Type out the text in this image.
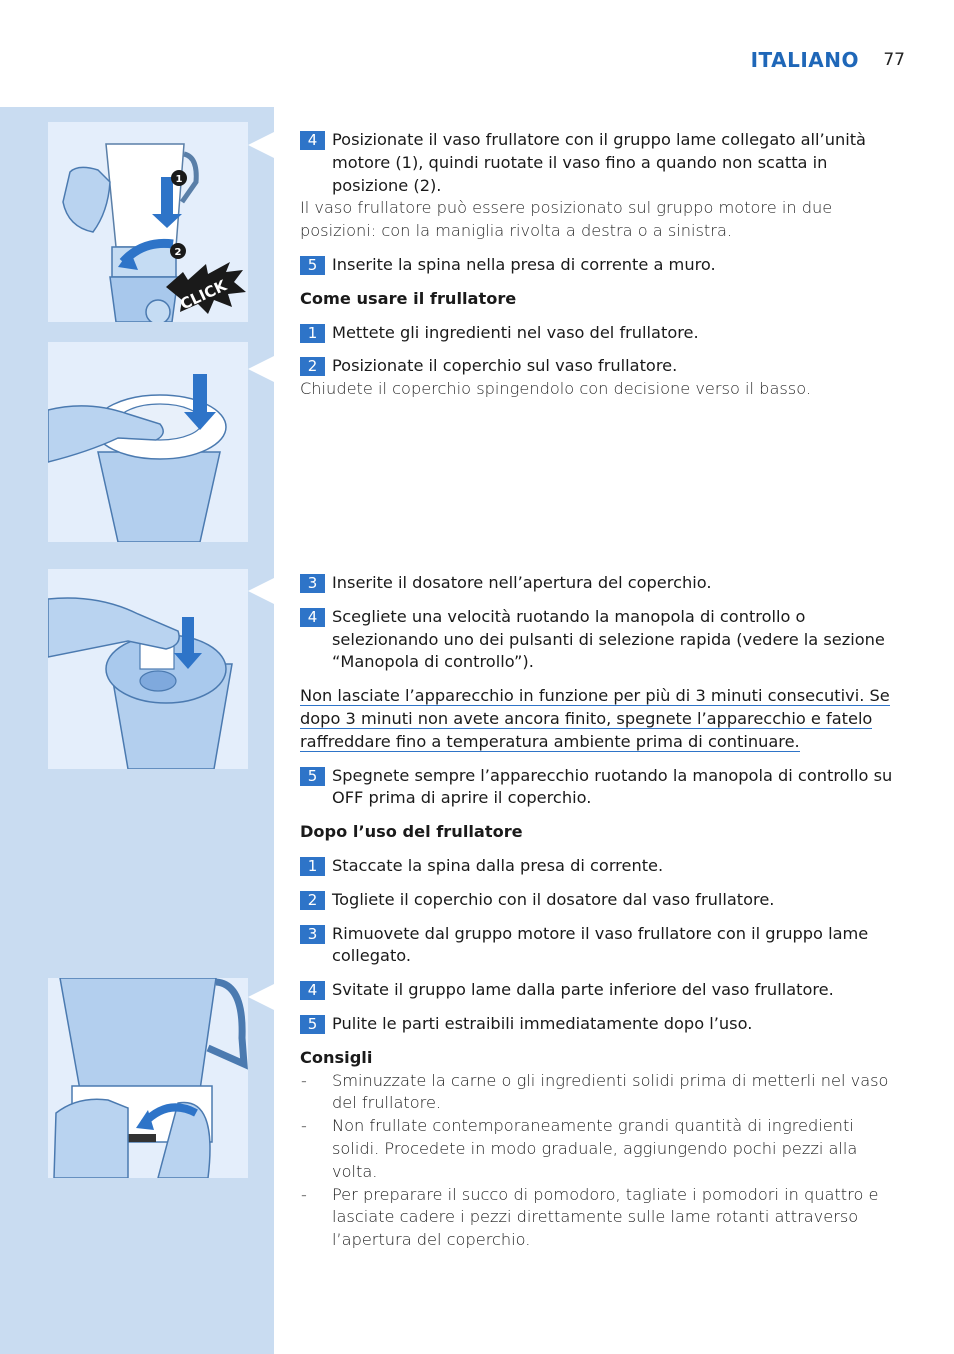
ITALIANO 77
1
2
CLICK
4 Posizionate il vaso frullatore con il gruppo lame collegato all’unità motore (1), quindi ruotate il vaso fino a quando non scatta in posizione (2).
Il vaso frullatore può essere posizionato sul gruppo motore in due posizioni: con la maniglia rivolta a destra o a sinistra.
5 Inserite la spina nella presa di corrente a muro.
Come usare il frullatore
1 Mettete gli ingredienti nel vaso del frullatore.
2 Posizionate il coperchio sul vaso frullatore.
Chiudete il coperchio spingendolo con decisione verso il basso.
3 Inserite il dosatore nell’apertura del coperchio.
4 Scegliete una velocità ruotando la manopola di controllo o selezionando uno dei pulsanti di selezione rapida (vedere la sezione “Manopola di controllo”).
Non lasciate l’apparecchio in funzione per più di 3 minuti consecutivi. Se dopo 3 minuti non avete ancora finito, spegnete l’apparecchio e fatelo raffreddare fino a temperatura ambiente prima di continuare.
5 Spegnete sempre l’apparecchio ruotando la manopola di controllo su OFF prima di aprire il coperchio.
Dopo l’uso del frullatore
1 Staccate la spina dalla presa di corrente.
2 Togliete il coperchio con il dosatore dal vaso frullatore.
3 Rimuovete dal gruppo motore il vaso frullatore con il gruppo lame collegato.
4 Svitate il gruppo lame dalla parte inferiore del vaso frullatore.
5 Pulite le parti estraibili immediatamente dopo l’uso.
Consigli
- Sminuzzate la carne o gli ingredienti solidi prima di metterli nel vaso del frullatore.
- Non frullate contemporaneamente grandi quantità di ingredienti solidi. Procedete in modo graduale, aggiungendo pochi pezzi alla volta.
- Per preparare il succo di pomodoro, tagliate i pomodori in quattro e lasciate cadere i pezzi direttamente sulle lame rotanti attraverso l’apertura del coperchio.
